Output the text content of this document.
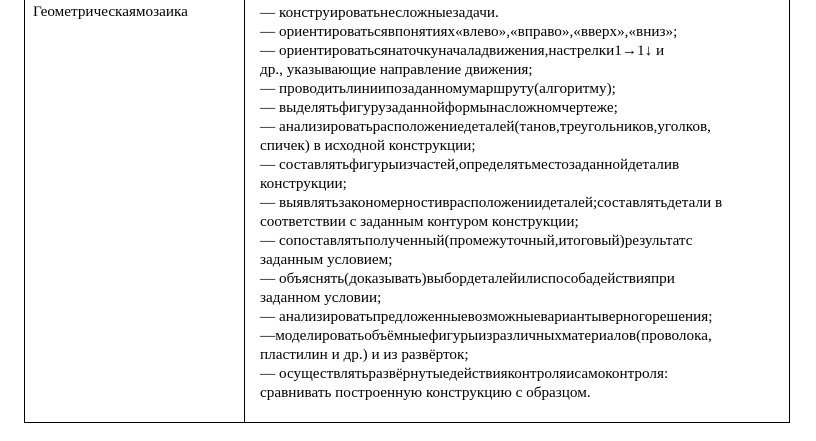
Геометрическаямозаика	— конструироватьнесложныезадачи.
— ориентироватьсявпонятиях«влево»,«вправо»,«вверх»,«вниз»;
— ориентироватьсянаточкуначаладвижения,настрелки1→1↓ и
др., указывающие направление движения;
— проводитьлиниипозаданномумаршруту(алгоритму);
— выделятьфигурузаданнойформынасложномчертеже;
— анализироватьрасположениедеталей(танов,треугольников,уголков,
спичек) в исходной конструкции;
— составлятьфигурыизчастей,определятьместозаданнойдеталив
конструкции;
— выявлятьзакономерностиврасположениидеталей;составлятьдетали в
соответствии с заданным контуром конструкции;
— сопоставлятьполученный(промежуточный,итоговый)результатс
заданным условием;
— объяснять(доказывать)выбордеталейилиспособадействияпри
заданном условии;
— анализироватьпредложенныевозможныевариантыверногорешения;
—моделироватьобъёмныефигурыизразличныхматериалов(проволока,
пластилин и др.) и из развёрток;
— осуществлятьразвёрнутыедействияконтроляисамоконтроля:
сравнивать построенную конструкцию с образцом.
